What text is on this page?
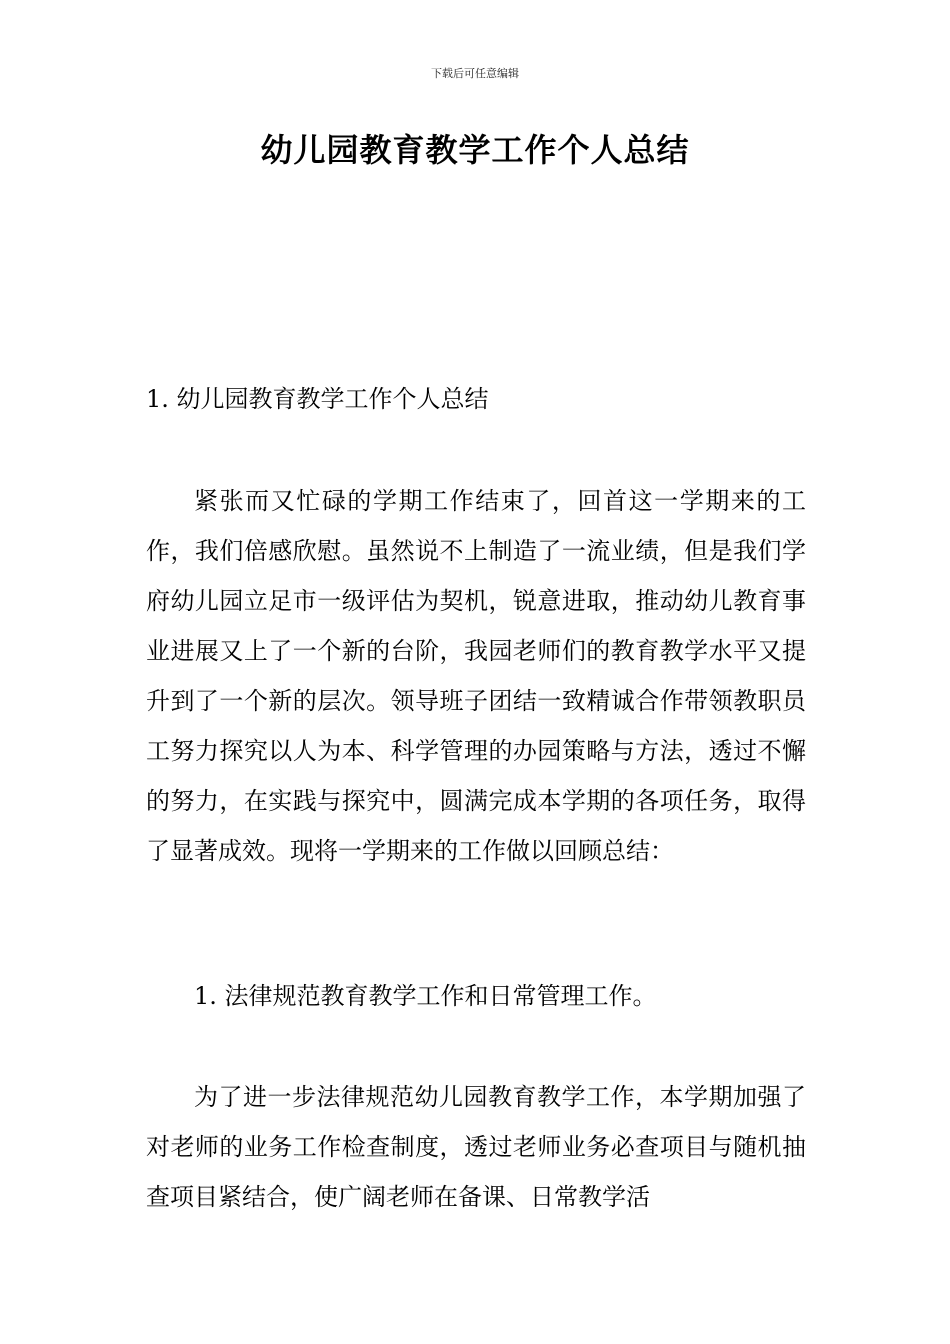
下载后可任意编辑
幼儿园教育教学工作个人总结
1. 幼儿园教育教学工作个人总结

紧张而又忙碌的学期工作结束了，回首这一学期来的工作，我们倍感欣慰。虽然说不上制造了一流业绩，但是我们学府幼儿园立足市一级评估为契机，锐意进取，推动幼儿教育事业进展又上了一个新的台阶，我园老师们的教育教学水平又提升到了一个新的层次。领导班子团结一致精诚合作带领教职员工努力探究以人为本、科学管理的办园策略与方法，透过不懈的努力，在实践与探究中，圆满完成本学期的各项任务，取得了显著成效。现将一学期来的工作做以回顾总结：

1. 法律规范教育教学工作和日常管理工作。

为了进一步法律规范幼儿园教育教学工作，本学期加强了对老师的业务工作检查制度，透过老师业务必查项目与随机抽查项目紧结合，使广阔老师在备课、日常教学活
